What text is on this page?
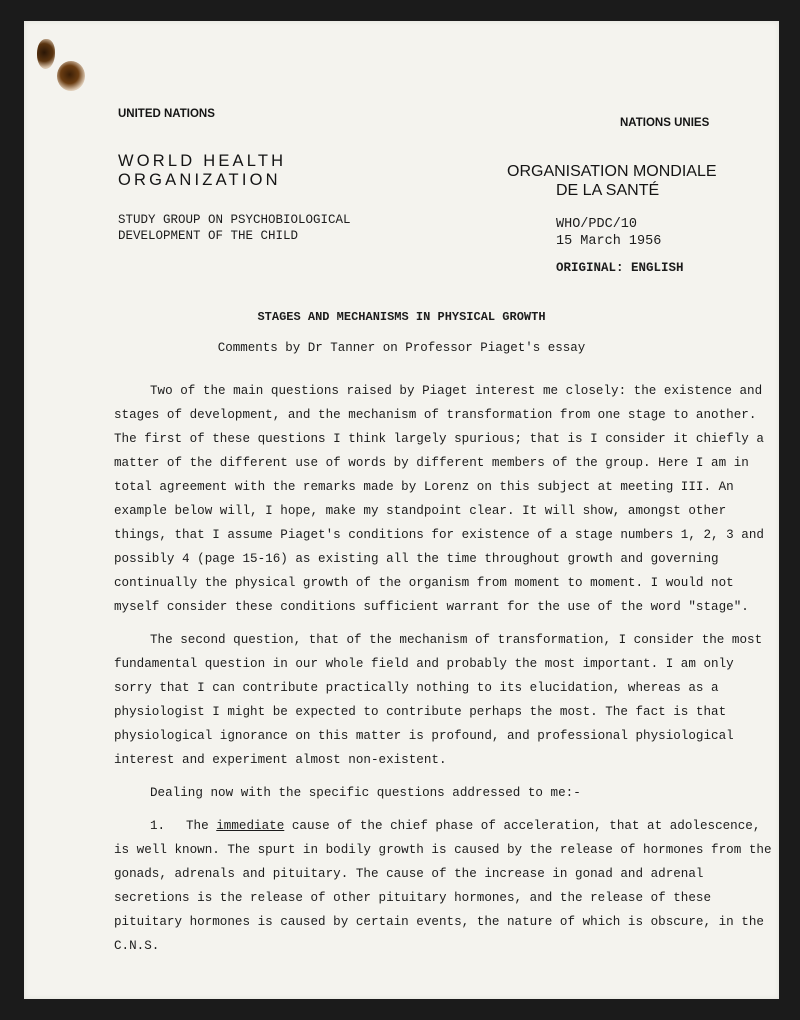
UNITED NATIONS
NATIONS UNIES
WORLD HEALTH
ORGANIZATION	ORGANISATION MONDIALE
DE LA SANTÉ
STUDY GROUP ON PSYCHOBIOLOGICAL
DEVELOPMENT OF THE CHILD
WHO/PDC/10
15 March 1956
ORIGINAL: ENGLISH
STAGES AND MECHANISMS IN PHYSICAL GROWTH
Comments by Dr Tanner on Professor Piaget's essay

Two of the main questions raised by Piaget interest me closely: the existence and stages of development, and the mechanism of transformation from one stage to another. The first of these questions I think largely spurious; that is I consider it chiefly a matter of the different use of words by different members of the group. Here I am in total agreement with the remarks made by Lorenz on this subject at meeting III. An example below will, I hope, make my standpoint clear. It will show, amongst other things, that I assume Piaget's conditions for existence of a stage numbers 1, 2, 3 and possibly 4 (page 15-16) as existing all the time throughout growth and governing continually the physical growth of the organism from moment to moment. I would not myself consider these conditions sufficient warrant for the use of the word "stage".

The second question, that of the mechanism of transformation, I consider the most fundamental question in our whole field and probably the most important. I am only sorry that I can contribute practically nothing to its elucidation, whereas as a physiologist I might be expected to contribute perhaps the most. The fact is that physiological ignorance on this matter is profound, and professional physiological interest and experiment almost non-existent.

Dealing now with the specific questions addressed to me:-

1. The immediate cause of the chief phase of acceleration, that at adolescence, is well known. The spurt in bodily growth is caused by the release of hormones from the gonads, adrenals and pituitary. The cause of the increase in gonad and adrenal secretions is the release of other pituitary hormones, and the release of these pituitary hormones is caused by certain events, the nature of which is obscure, in the C.N.S.
